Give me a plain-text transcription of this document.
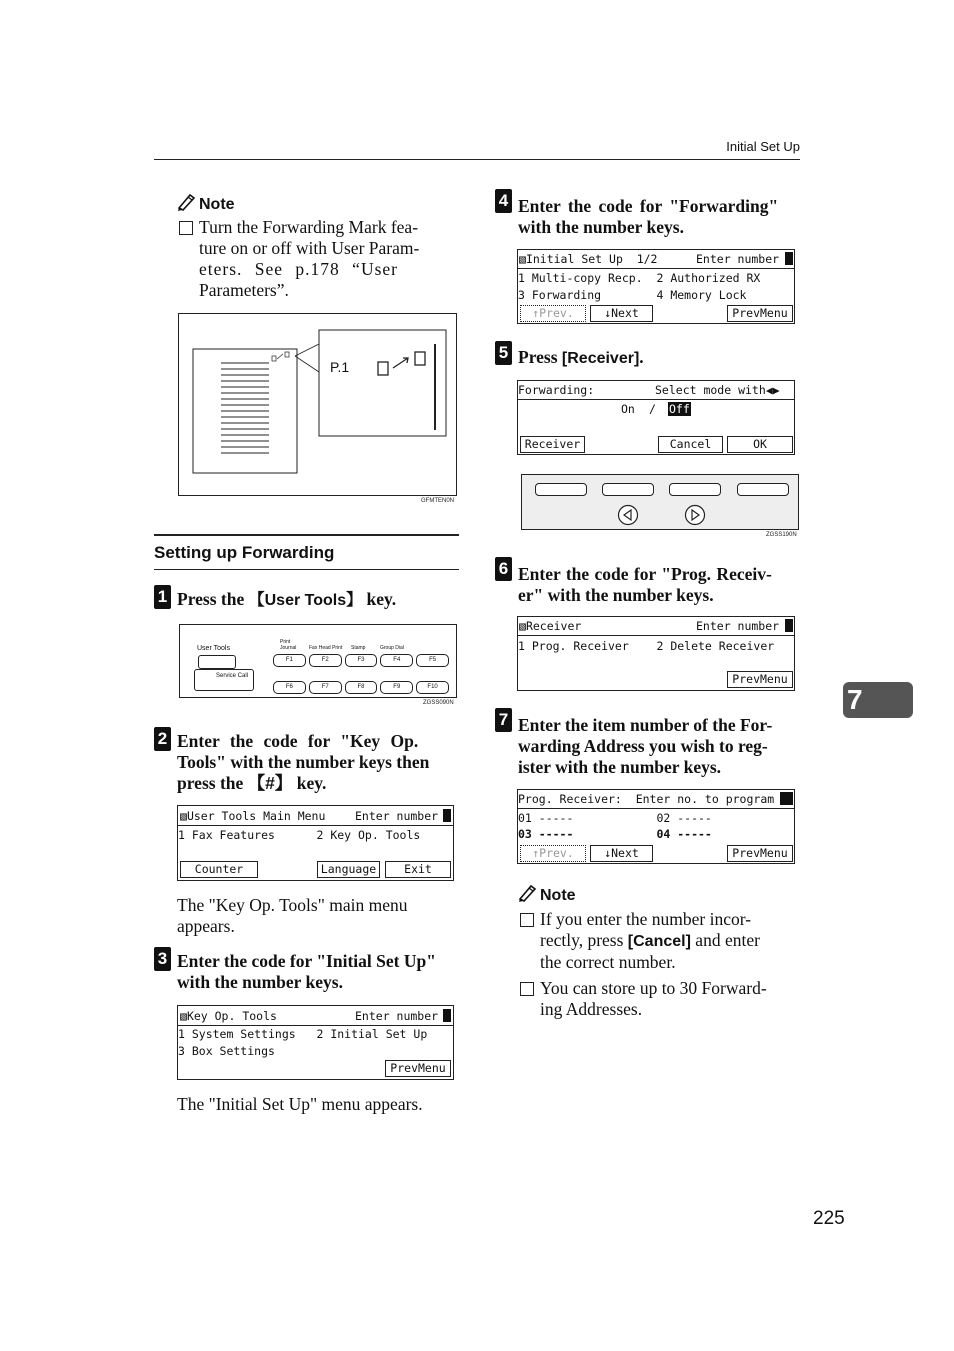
Initial Set Up
Note
Turn the Forwarding Mark fea-
ture on or off with User Param-
eters. See p.178 “User
Parameters”.
P.1
GFMTEN0N
Setting up Forwarding
1 Press the 【User Tools】 key.
User Tools
Service Call
Print Journal	Fax Head Print Stamp	Group Dial
F1	F2	F3	F4	F5
F6	F7	F8	F9	F10
ZGSS090N
2 Enter the code for "Key Op.
Tools" with the number keys then
press the 【#】 key.
▧User Tools Main Menu	Enter number
1 Fax Features      2 Key Op. Tools
Counter	Language	Exit
The "Key Op. Tools" main menu
appears.
3 Enter the code for "Initial Set Up"
with the number keys.
▧Key Op. Tools	Enter number
1 System Settings   2 Initial Set Up
3 Box Settings
PrevMenu
The "Initial Set Up" menu appears.
4 Enter the code for "Forwarding"
with the number keys.
▧Initial Set Up  1/2	Enter number
1 Multi-copy Recp.  2 Authorized RX
3 Forwarding        4 Memory Lock
↑Prev.	↓Next	PrevMenu
5 Press [Receiver].
Forwarding:	Select mode with◀▶
On / Off
Receiver	Cancel	OK
ZGSS190N
6 Enter the code for "Prog. Receiv-
er" with the number keys.
▧Receiver	Enter number
1 Prog. Receiver    2 Delete Receiver
PrevMenu
7
7 Enter the item number of the For-
warding Address you wish to reg-
ister with the number keys.
Prog. Receiver:  Enter no. to program
01 -----            02 -----
03 -----            04 -----
↑Prev.	↓Next	PrevMenu
Note
If you enter the number incor-
rectly, press [Cancel] and enter
the correct number.
You can store up to 30 Forward-
ing Addresses.
225
